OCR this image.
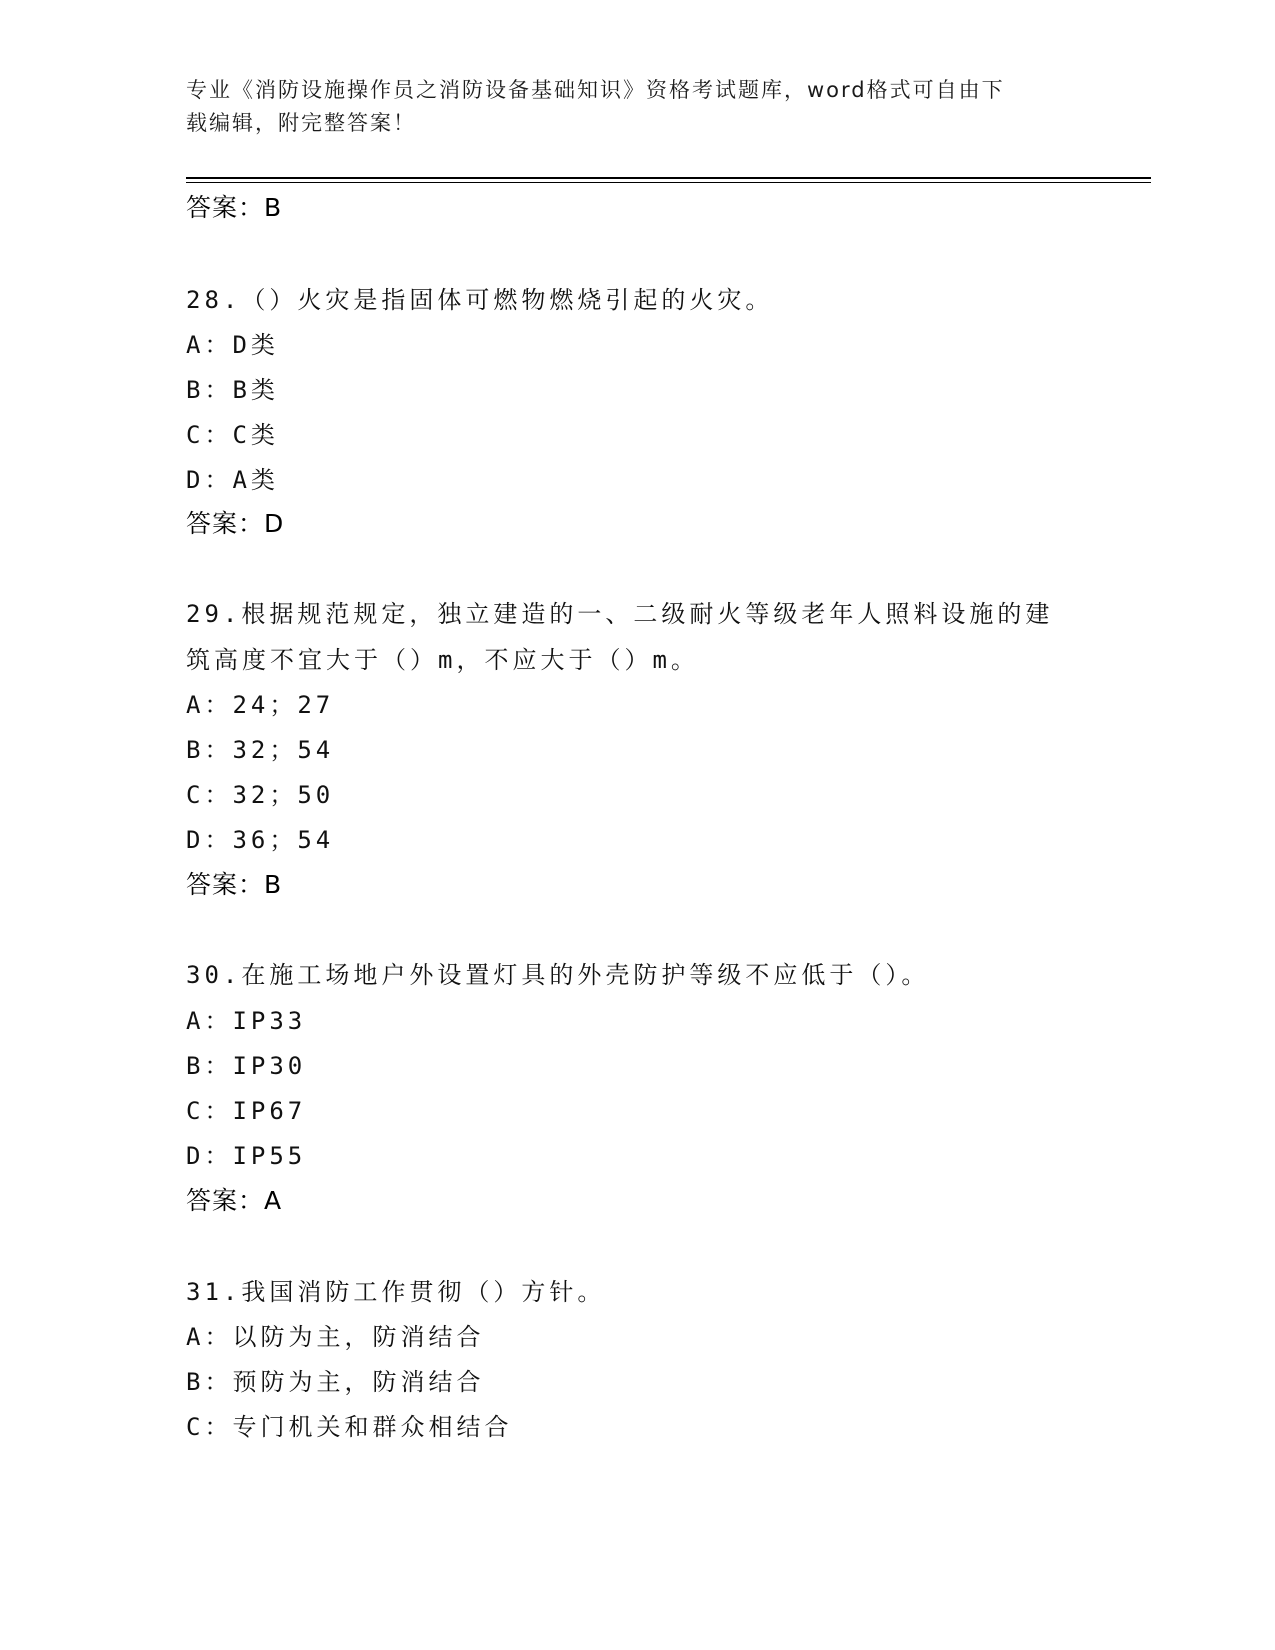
专业《消防设施操作员之消防设备基础知识》资格考试题库，word格式可自由下
载编辑，附完整答案！
答案：B
28.（）火灾是指固体可燃物燃烧引起的火灾。
A：D类
B：B类
C：C类
D：A类
答案：D
29.根据规范规定，独立建造的一、二级耐火等级老年人照料设施的建
筑高度不宜大于（）m，不应大于（）m。
A：24；27
B：32；54
C：32；50
D：36；54
答案：B
30.在施工场地户外设置灯具的外壳防护等级不应低于（）。
A：IP33
B：IP30
C：IP67
D：IP55
答案：A
31.我国消防工作贯彻（）方针。
A：以防为主，防消结合
B：预防为主，防消结合
C：专门机关和群众相结合
